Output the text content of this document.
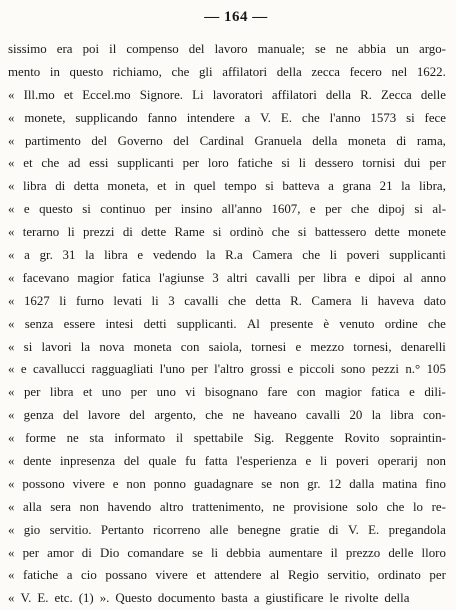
— 164 —
sissimo era poi il compenso del lavoro manuale; se ne abbia un argo-
mento in questo richiamo, che gli affilatori della zecca fecero nel 1622.
« Ill.mo et Eccel.mo Signore. Li lavoratori affilatori della R. Zecca delle
« monete, supplicando fanno intendere a V. E. che l'anno 1573 si fece
« partimento del Governo del Cardinal Granuela della moneta di rama,
« et che ad essi supplicanti per loro fatiche si li dessero tornisi dui per
« libra di detta moneta, et in quel tempo si batteva a grana 21 la libra,
« e questo si continuo per insino all'anno 1607, e per che dipoj si al-
« terarno li prezzi di dette Rame si ordinò che si battessero dette monete
« a gr. 31 la libra e vedendo la R.a Camera che li poveri supplicanti
« facevano magior fatica l'agiunse 3 altri cavalli per libra e dipoi al anno
« 1627 li furno levati li 3 cavalli che detta R. Camera li haveva dato
« senza essere intesi detti supplicanti. Al presente è venuto ordine che
« si lavori la nova moneta con saiola, tornesi e mezzo tornesi, denarelli
« e cavallucci ragguagliati l'uno per l'altro grossi e piccoli sono pezzi n.° 105
« per libra et uno per uno vi bisognano fare con magior fatica e dili-
« genza del lavore del argento, che ne haveano cavalli 20 la libra con-
« forme ne sta informato il spettabile Sig. Reggente Rovito sopraintin-
« dente inpresenza del quale fu fatta l'esperienza e li poveri operarij non
« possono vivere e non ponno guadagnare se non gr. 12 dalla matina fino
« alla sera non havendo altro trattenimento, ne provisione solo che lo re-
« gio servitio. Pertanto ricorreno alle benegne gratie di V. E. pregandola
« per amor di Dio comandare se li debbia aumentare il prezzo delle lloro
« fatiche a cio possano vivere et attendere al Regio servitio, ordinato per
« V. E. etc. (1) ». Questo documento basta a giustificare le rivolte della
